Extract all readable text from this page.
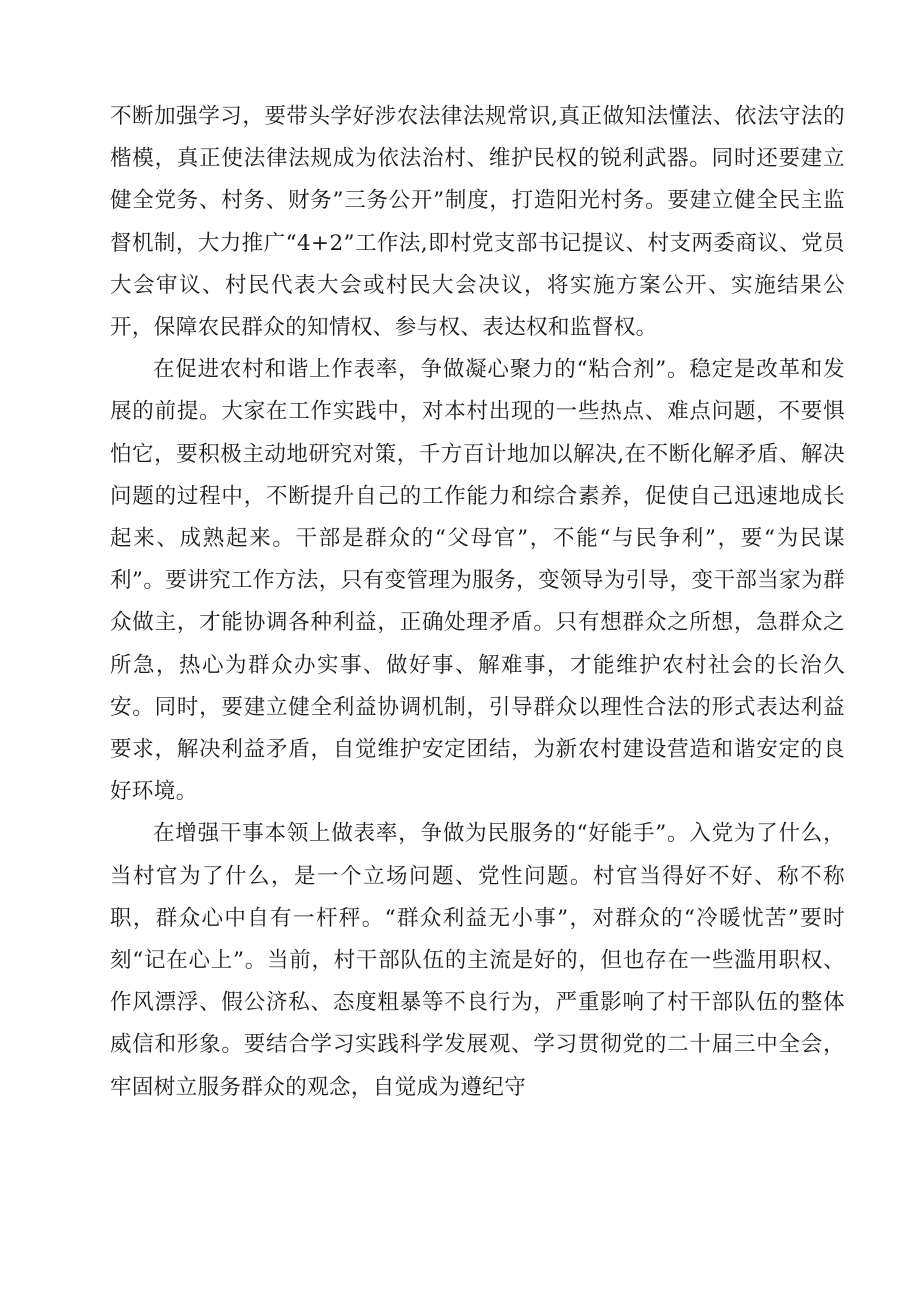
不断加强学习，要带头学好涉农法律法规常识,真正做知法懂法、依法守法的楷模，真正使法律法规成为依法治村、维护民权的锐利武器。同时还要建立健全党务、村务、财务”三务公开”制度，打造阳光村务。要建立健全民主监督机制，大力推广“4+2”工作法,即村党支部书记提议、村支两委商议、党员大会审议、村民代表大会或村民大会决议，将实施方案公开、实施结果公开，保障农民群众的知情权、参与权、表达权和监督权。

在促进农村和谐上作表率，争做凝心聚力的“粘合剂”。稳定是改革和发展的前提。大家在工作实践中，对本村出现的一些热点、难点问题，不要惧怕它，要积极主动地研究对策，千方百计地加以解决,在不断化解矛盾、解决问题的过程中，不断提升自己的工作能力和综合素养，促使自己迅速地成长起来、成熟起来。干部是群众的“父母官”，不能“与民争利”，要“为民谋利”。要讲究工作方法，只有变管理为服务，变领导为引导，变干部当家为群众做主，才能协调各种利益，正确处理矛盾。只有想群众之所想，急群众之所急，热心为群众办实事、做好事、解难事，才能维护农村社会的长治久安。同时，要建立健全利益协调机制，引导群众以理性合法的形式表达利益要求，解决利益矛盾，自觉维护安定团结，为新农村建设营造和谐安定的良好环境。

在增强干事本领上做表率，争做为民服务的“好能手”。入党为了什么，当村官为了什么，是一个立场问题、党性问题。村官当得好不好、称不称职，群众心中自有一杆秤。“群众利益无小事”，对群众的“冷暖忧苦”要时刻“记在心上”。当前，村干部队伍的主流是好的，但也存在一些滥用职权、作风漂浮、假公济私、态度粗暴等不良行为，严重影响了村干部队伍的整体威信和形象。要结合学习实践科学发展观、学习贯彻党的二十届三中全会，牢固树立服务群众的观念，自觉成为遵纪守
